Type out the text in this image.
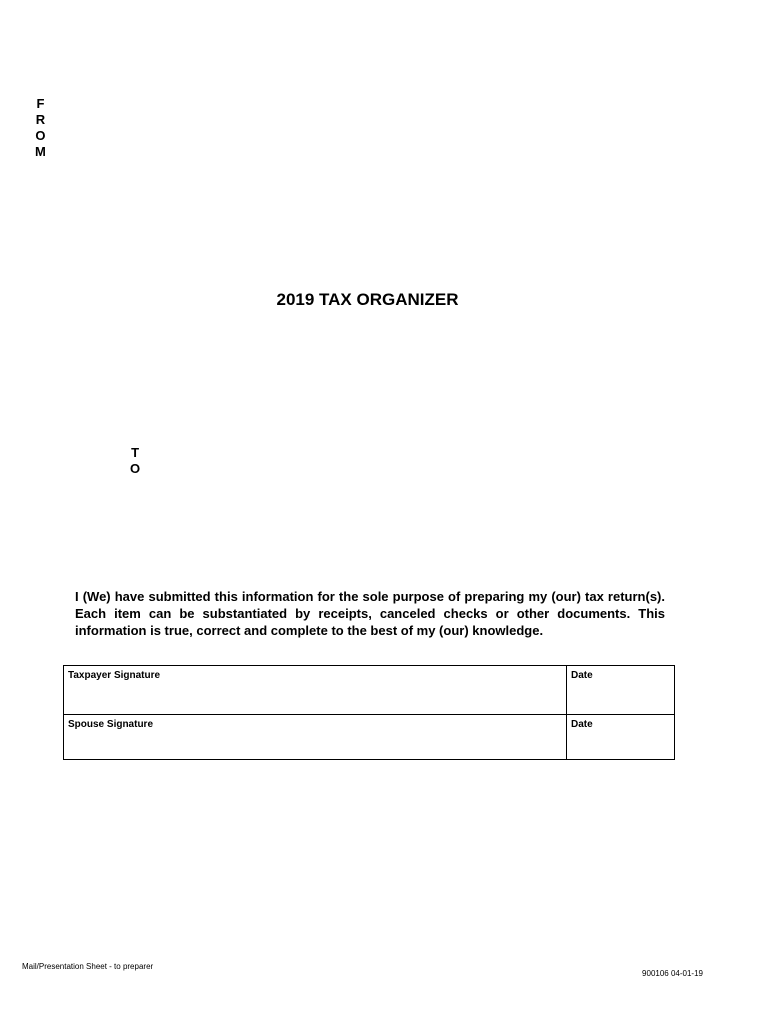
F
R
O
M
2019 TAX ORGANIZER
T
O
I (We) have submitted this information for the sole purpose of preparing my (our) tax return(s). Each item can be substantiated by receipts, canceled checks or other documents. This information is true, correct and complete to the best of my (our) knowledge.
Taxpayer Signature	Date
Spouse Signature	Date
Mail/Presentation Sheet - to preparer
900106 04-01-19
